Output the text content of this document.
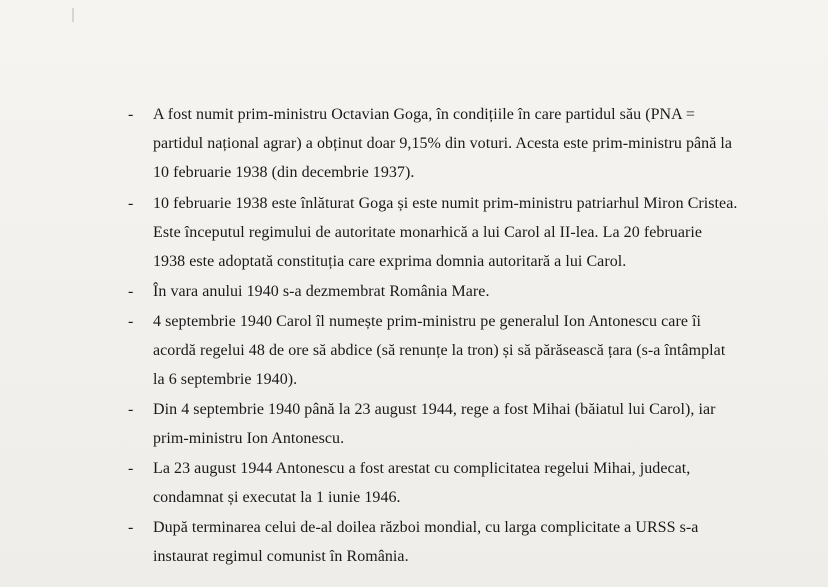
- A fost numit prim-ministru Octavian Goga, în condițiile în care partidul său (PNA = partidul național agrar) a obținut doar 9,15% din voturi. Acesta este prim-ministru până la 10 februarie 1938 (din decembrie 1937).
- 10 februarie 1938 este înlăturat Goga și este numit prim-ministru patriarhul Miron Cristea. Este începutul regimului de autoritate monarhică a lui Carol al II-lea. La 20 februarie 1938 este adoptată constituția care exprima domnia autoritară a lui Carol.
- În vara anului 1940 s-a dezmembrat România Mare.
- 4 septembrie 1940 Carol îl numește prim-ministru pe generalul Ion Antonescu care îi acordă regelui 48 de ore să abdice (să renunțe la tron) și să părăsească țara (s-a întâmplat la 6 septembrie 1940).
- Din 4 septembrie 1940 până la 23 august 1944, rege a fost Mihai (băiatul lui Carol), iar prim-ministru Ion Antonescu.
- La 23 august 1944 Antonescu a fost arestat cu complicitatea regelui Mihai, judecat, condamnat și executat la 1 iunie 1946.
- După terminarea celui de-al doilea război mondial, cu larga complicitate a URSS s-a instaurat regimul comunist în România.
